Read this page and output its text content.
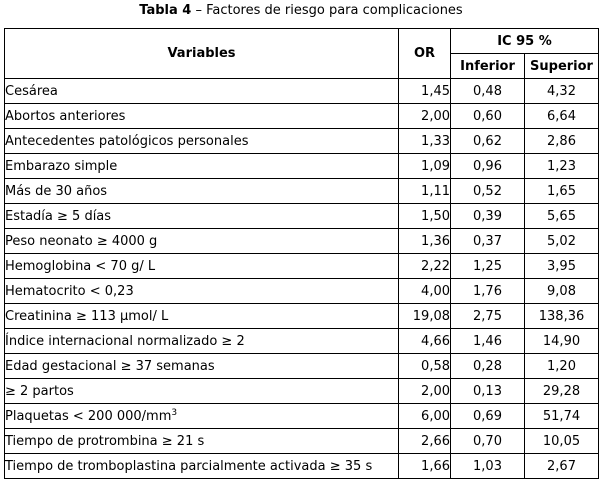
Tabla 4 – Factores de riesgo para complicaciones
Variables	OR	IC 95 %	
		Inferior	Superior
Cesárea	1,45	0,48	4,32
Abortos anteriores	2,00	0,60	6,64
Antecedentes patológicos personales	1,33	0,62	2,86
Embarazo simple	1,09	0,96	1,23
Más de 30 años	1,11	0,52	1,65
Estadía ≥ 5 días	1,50	0,39	5,65
Peso neonato ≥ 4000 g	1,36	0,37	5,02
Hemoglobina < 70 g/ L	2,22	1,25	3,95
Hematocrito < 0,23	4,00	1,76	9,08
Creatinina ≥ 113 µmol/ L	19,08	2,75	138,36
Índice internacional normalizado ≥ 2	4,66	1,46	14,90
Edad gestacional ≥ 37 semanas	0,58	0,28	1,20
≥ 2 partos	2,00	0,13	29,28
Plaquetas < 200 $000/mm^3$	6,00	0,69	51,74
Tiempo de protrombina ≥ 21 s	2,66	0,70	10,05
Tiempo de tromboplastina parcialmente activada ≥ 35 s	1,66	1,03	2,67
